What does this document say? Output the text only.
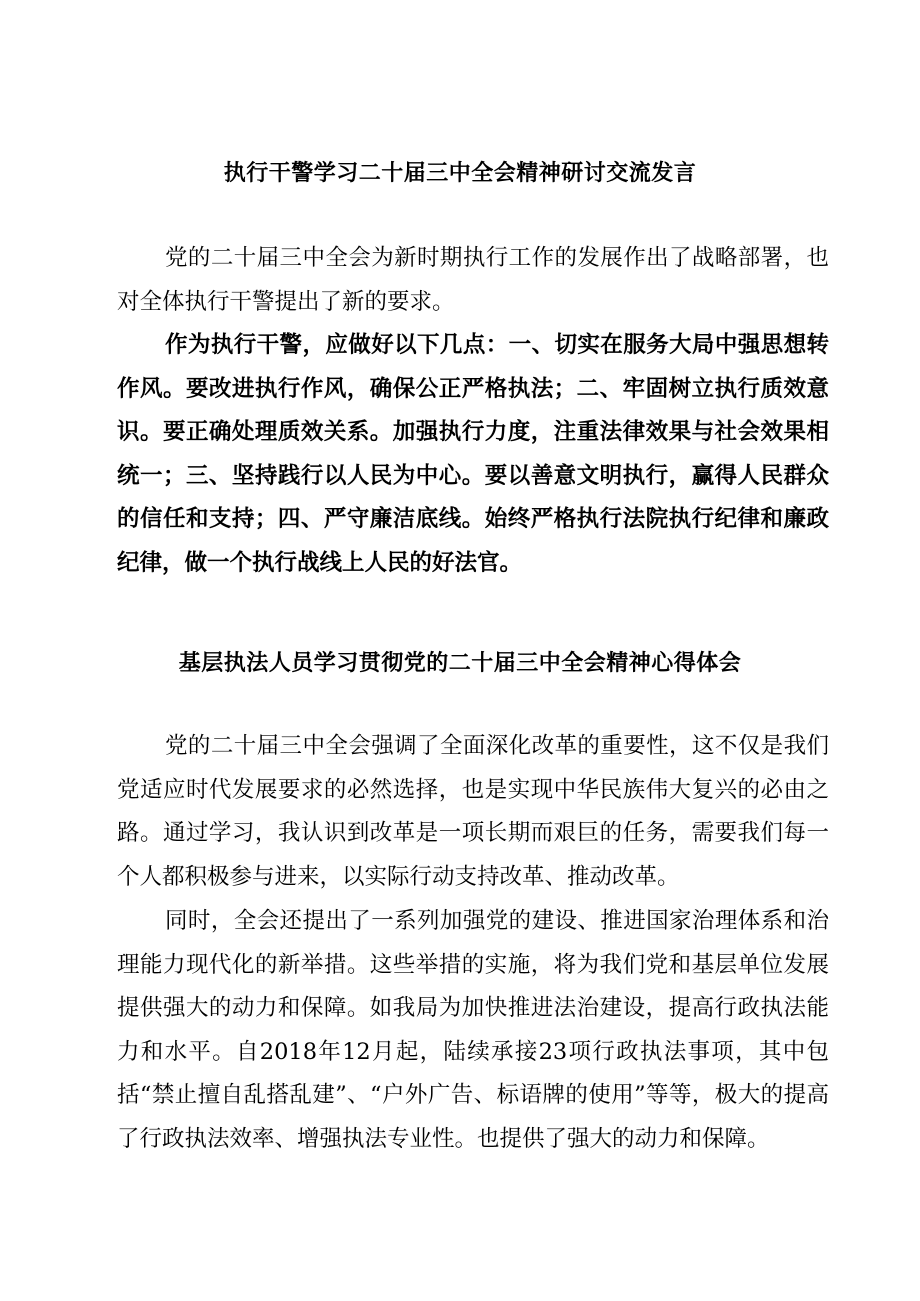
执行干警学习二十届三中全会精神研讨交流发言

党的二十届三中全会为新时期执行工作的发展作出了战略部署，也对全体执行干警提出了新的要求。

作为执行干警，应做好以下几点：一、切实在服务大局中强思想转作风。要改进执行作风，确保公正严格执法；二、牢固树立执行质效意识。要正确处理质效关系。加强执行力度，注重法律效果与社会效果相统一；三、坚持践行以人民为中心。要以善意文明执行，赢得人民群众的信任和支持；四、严守廉洁底线。始终严格执行法院执行纪律和廉政纪律，做一个执行战线上人民的好法官。

基层执法人员学习贯彻党的二十届三中全会精神心得体会

党的二十届三中全会强调了全面深化改革的重要性，这不仅是我们党适应时代发展要求的必然选择，也是实现中华民族伟大复兴的必由之路。通过学习，我认识到改革是一项长期而艰巨的任务，需要我们每一个人都积极参与进来，以实际行动支持改革、推动改革。

同时，全会还提出了一系列加强党的建设、推进国家治理体系和治理能力现代化的新举措。这些举措的实施，将为我们党和基层单位发展提供强大的动力和保障。如我局为加快推进法治建设，提高行政执法能力和水平。自2018年12月起，陆续承接23项行政执法事项，其中包括“禁止擅自乱搭乱建”、“户外广告、标语牌的使用”等等，极大的提高了行政执法效率、增强执法专业性。也提供了强大的动力和保障。
